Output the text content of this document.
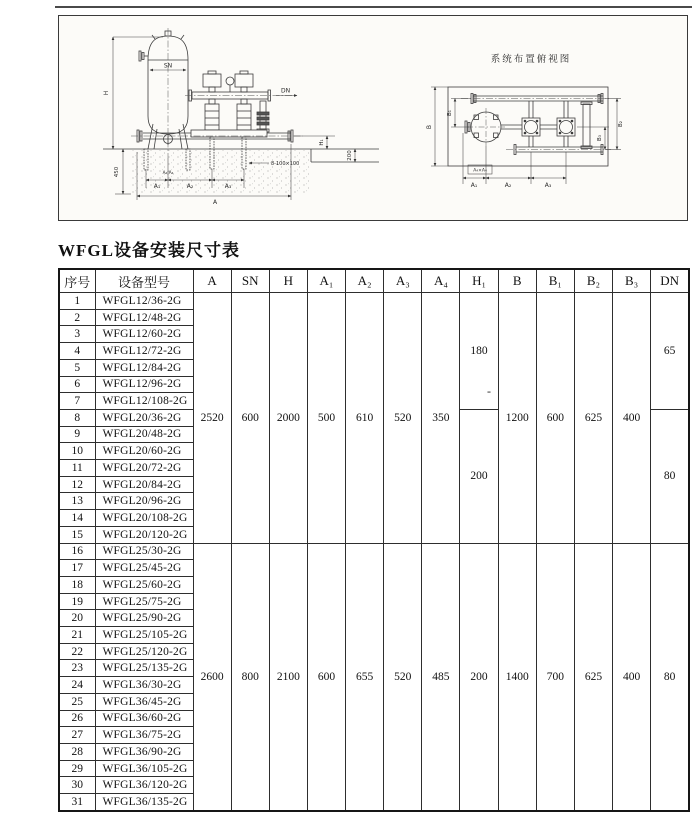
H
SN
DN
H₁
200
450
8-100×100
A₄¦A₄
A₁	A₂	A₃
A
系统布置俯视图
B
B₁
B₂
B₃
A₄×A₄
A₁	A₂	A₃
WFGL设备安装尺寸表
-
序号	设备型号	A	SN	H	A₁	A₂	A₃	A₄	H₁	B	B₁	B₂	B₃	DN
1	WFGL12/36-2G	2520	600	2000	500	610	520	350	180	1200	600	625	400	65
2	WFGL12/48-2G													
3	WFGL12/60-2G													
4	WFGL12/72-2G													
5	WFGL12/84-2G													
6	WFGL12/96-2G													
7	WFGL12/108-2G													
8	WFGL20/36-2G								200					80
9	WFGL20/48-2G													
10	WFGL20/60-2G													
11	WFGL20/72-2G													
12	WFGL20/84-2G													
13	WFGL20/96-2G													
14	WFGL20/108-2G													
15	WFGL20/120-2G													
16	WFGL25/30-2G	2600	800	2100	600	655	520	485	200	1400	700	625	400	80
17	WFGL25/45-2G													
18	WFGL25/60-2G													
19	WFGL25/75-2G													
20	WFGL25/90-2G													
21	WFGL25/105-2G													
22	WFGL25/120-2G													
23	WFGL25/135-2G													
24	WFGL36/30-2G													
25	WFGL36/45-2G													
26	WFGL36/60-2G													
27	WFGL36/75-2G													
28	WFGL36/90-2G													
29	WFGL36/105-2G													
30	WFGL36/120-2G													
31	WFGL36/135-2G													
